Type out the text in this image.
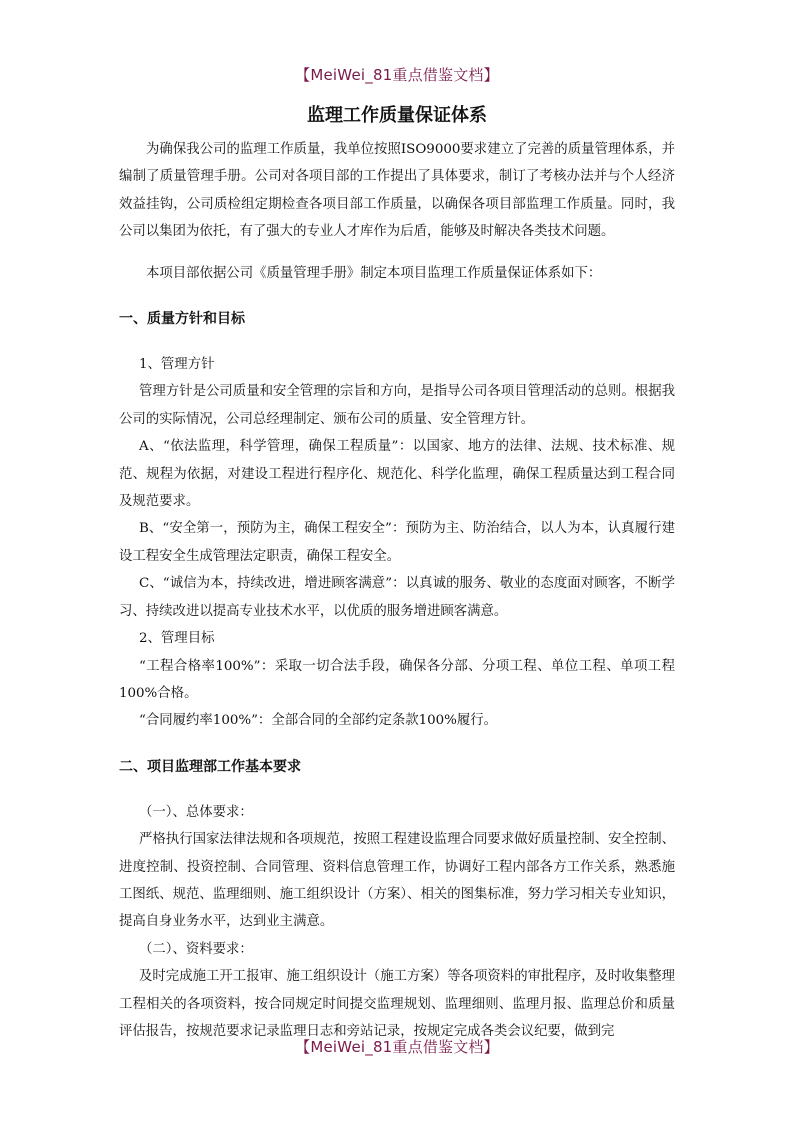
【MeiWei_81重点借鉴文档】
监理工作质量保证体系

为确保我公司的监理工作质量，我单位按照ISO9000要求建立了完善的质量管理体系，并编制了质量管理手册。公司对各项目部的工作提出了具体要求，制订了考核办法并与个人经济效益挂钩，公司质检组定期检查各项目部工作质量，以确保各项目部监理工作质量。同时，我公司以集团为依托，有了强大的专业人才库作为后盾，能够及时解决各类技术问题。

本项目部依据公司《质量管理手册》制定本项目监理工作质量保证体系如下：

一、质量方针和目标

1、管理方针

管理方针是公司质量和安全管理的宗旨和方向，是指导公司各项目管理活动的总则。根据我公司的实际情况，公司总经理制定、颁布公司的质量、安全管理方针。

A、“依法监理，科学管理，确保工程质量”：以国家、地方的法律、法规、技术标准、规范、规程为依据，对建设工程进行程序化、规范化、科学化监理，确保工程质量达到工程合同及规范要求。

B、“安全第一，预防为主，确保工程安全”：预防为主、防治结合，以人为本，认真履行建设工程安全生成管理法定职责，确保工程安全。

C、“诚信为本，持续改进，增进顾客满意”：以真诚的服务、敬业的态度面对顾客，不断学习、持续改进以提高专业技术水平，以优质的服务增进顾客满意。

2、管理目标

“工程合格率100%”：采取一切合法手段，确保各分部、分项工程、单位工程、单项工程100%合格。

“合同履约率100%”：全部合同的全部约定条款100%履行。

二、项目监理部工作基本要求

（一）、总体要求：

严格执行国家法律法规和各项规范，按照工程建设监理合同要求做好质量控制、安全控制、进度控制、投资控制、合同管理、资料信息管理工作，协调好工程内部各方工作关系，熟悉施工图纸、规范、监理细则、施工组织设计（方案）、相关的图集标准，努力学习相关专业知识，提高自身业务水平，达到业主满意。

（二）、资料要求：

及时完成施工开工报审、施工组织设计（施工方案）等各项资料的审批程序，及时收集整理工程相关的各项资料，按合同规定时间提交监理规划、监理细则、监理月报、监理总价和质量评估报告，按规范要求记录监理日志和旁站记录，按规定完成各类会议纪要，做到完

【MeiWei_81重点借鉴文档】
